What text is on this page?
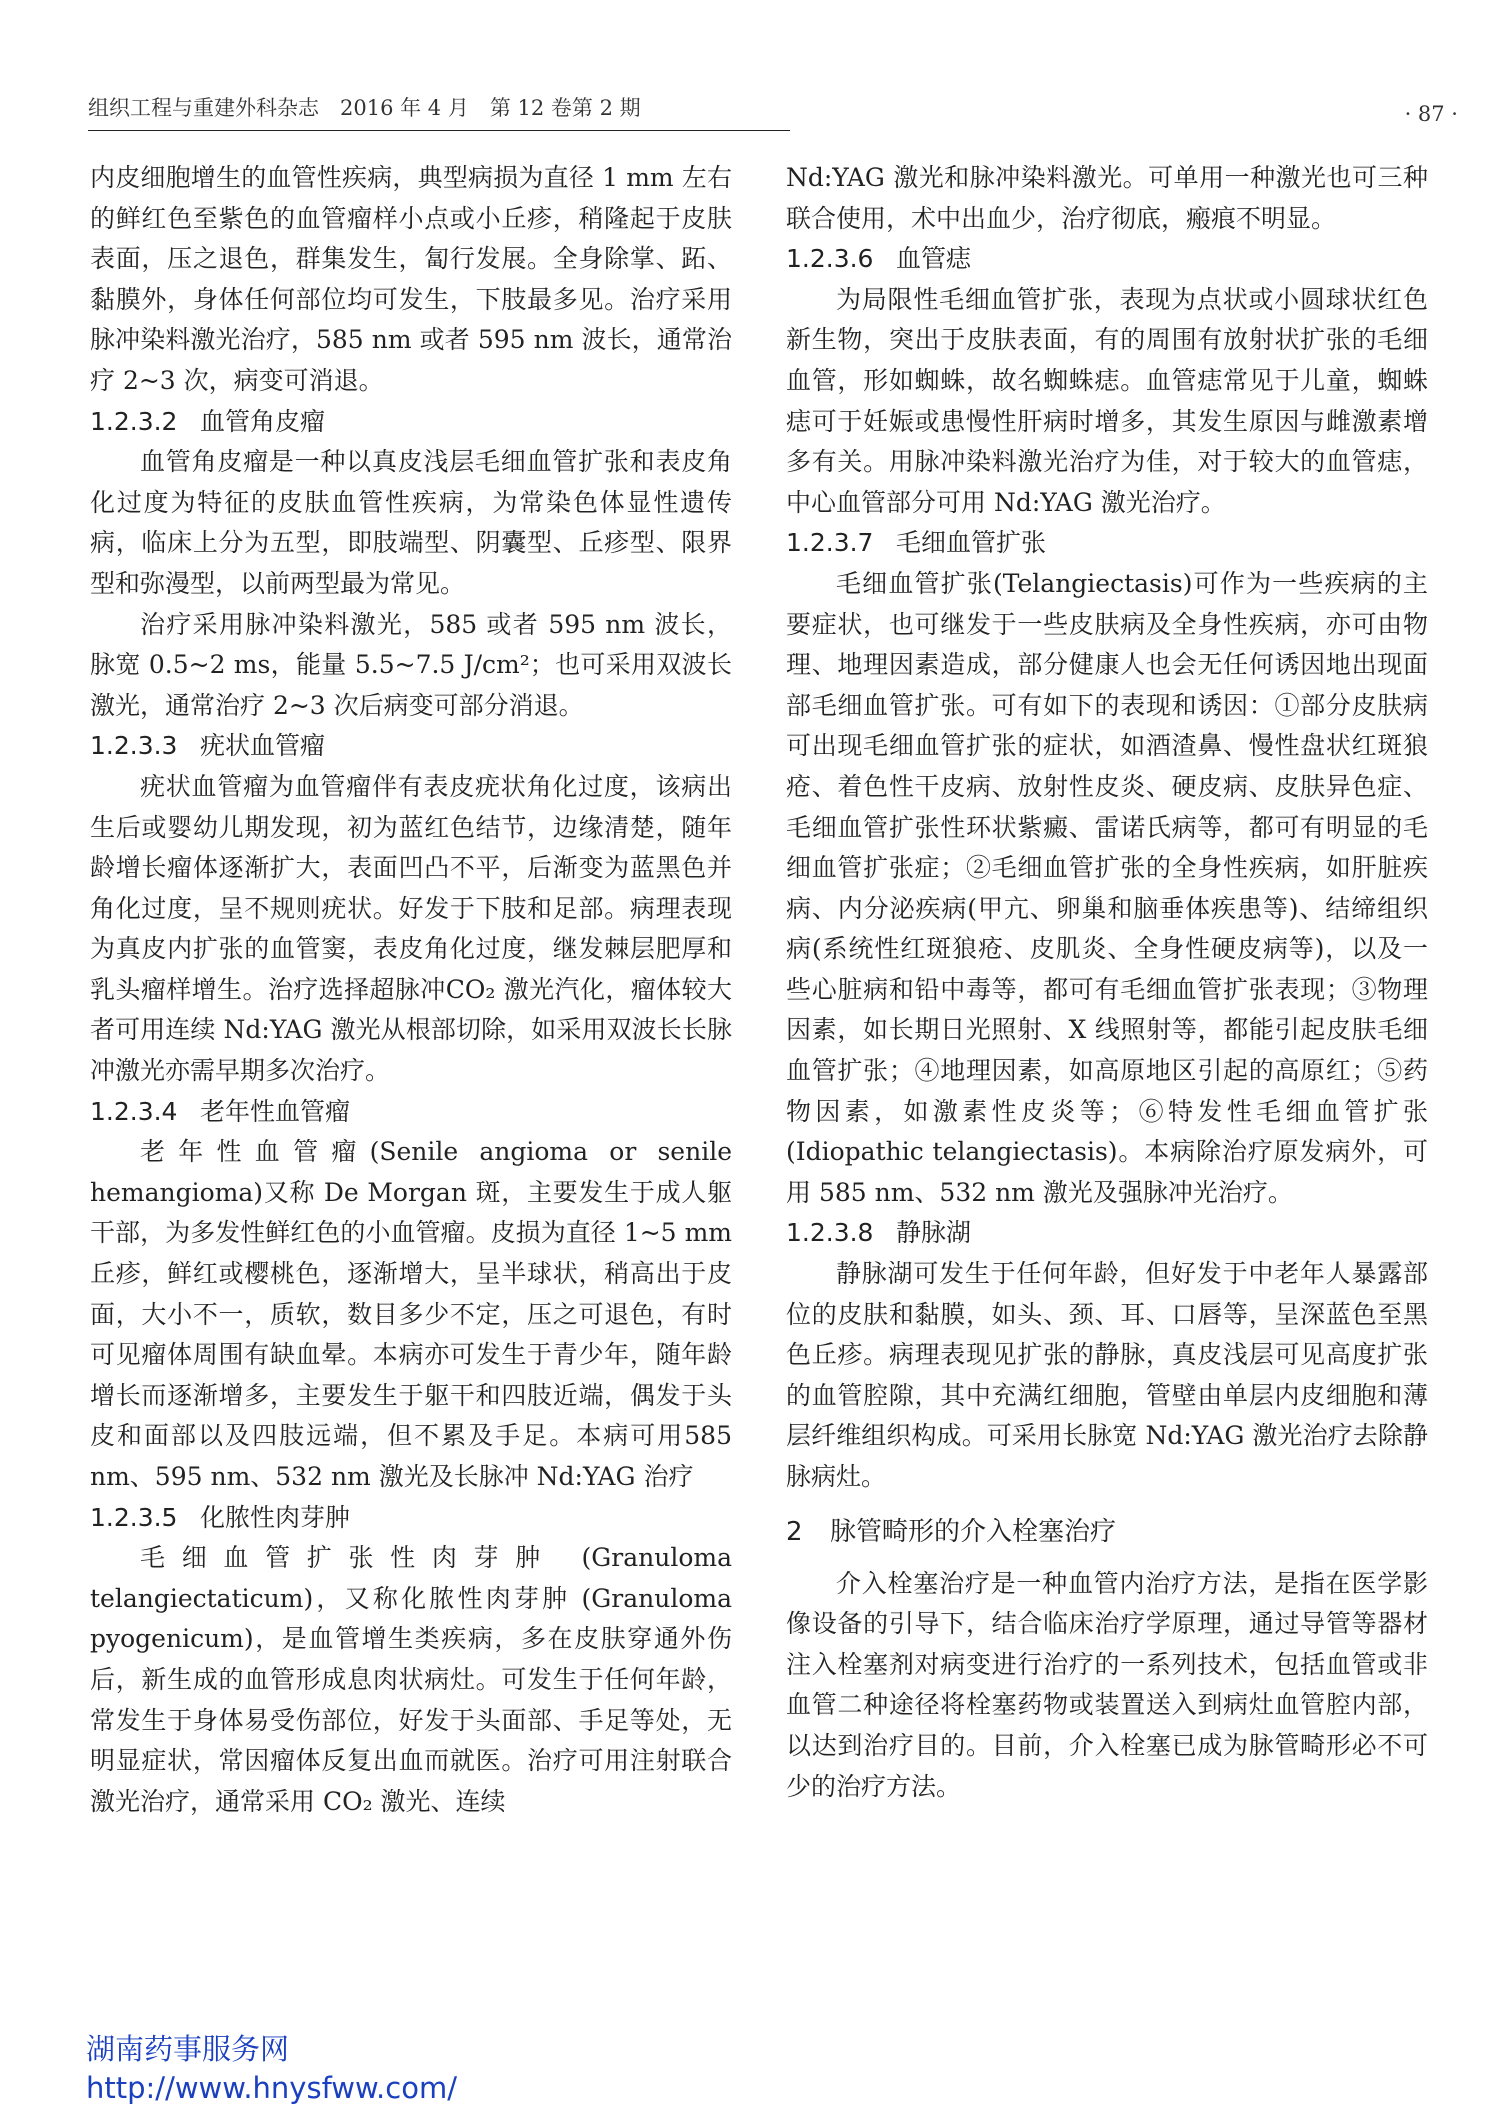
组织工程与重建外科杂志　2016 年 4 月　第 12 卷第 2 期	· 87 ·

内皮细胞增生的血管性疾病，典型病损为直径 1 mm 左右的鲜红色至紫色的血管瘤样小点或小丘疹，稍隆起于皮肤表面，压之退色，群集发生，匐行发展。全身除掌、跖、黏膜外，身体任何部位均可发生，下肢最多见。治疗采用脉冲染料激光治疗，585 nm 或者 595 nm 波长，通常治疗 2~3 次，病变可消退。

1.2.3.2 血管角皮瘤

血管角皮瘤是一种以真皮浅层毛细血管扩张和表皮角化过度为特征的皮肤血管性疾病，为常染色体显性遗传病，临床上分为五型，即肢端型、阴囊型、丘疹型、限界型和弥漫型，以前两型最为常见。

治疗采用脉冲染料激光，585 或者 595 nm 波长，脉宽 0.5~2 ms，能量 5.5~7.5 J/cm²；也可采用双波长激光，通常治疗 2~3 次后病变可部分消退。

1.2.3.3 疣状血管瘤

疣状血管瘤为血管瘤伴有表皮疣状角化过度，该病出生后或婴幼儿期发现，初为蓝红色结节，边缘清楚，随年龄增长瘤体逐渐扩大，表面凹凸不平，后渐变为蓝黑色并角化过度，呈不规则疣状。好发于下肢和足部。病理表现为真皮内扩张的血管窦，表皮角化过度，继发棘层肥厚和乳头瘤样增生。治疗选择超脉冲CO₂ 激光汽化，瘤体较大者可用连续 Nd:YAG 激光从根部切除，如采用双波长长脉冲激光亦需早期多次治疗。

1.2.3.4 老年性血管瘤

老年性血管瘤(Senile angioma or senile hemangioma)又称 De Morgan 斑，主要发生于成人躯干部，为多发性鲜红色的小血管瘤。皮损为直径 1~5 mm 丘疹，鲜红或樱桃色，逐渐增大，呈半球状，稍高出于皮面，大小不一，质软，数目多少不定，压之可退色，有时可见瘤体周围有缺血晕。本病亦可发生于青少年，随年龄增长而逐渐增多，主要发生于躯干和四肢近端，偶发于头皮和面部以及四肢远端，但不累及手足。本病可用585 nm、595 nm、532 nm 激光及长脉冲 Nd:YAG 治疗

1.2.3.5 化脓性肉芽肿

毛细血管扩张性肉芽肿 (Granuloma telangiectaticum)，又称化脓性肉芽肿 (Granuloma pyogenicum)，是血管增生类疾病，多在皮肤穿通外伤后，新生成的血管形成息肉状病灶。可发生于任何年龄，常发生于身体易受伤部位，好发于头面部、手足等处，无明显症状，常因瘤体反复出血而就医。治疗可用注射联合激光治疗，通常采用 CO₂ 激光、连续

Nd:YAG 激光和脉冲染料激光。可单用一种激光也可三种联合使用，术中出血少，治疗彻底，瘢痕不明显。

1.2.3.6 血管痣

为局限性毛细血管扩张，表现为点状或小圆球状红色新生物，突出于皮肤表面，有的周围有放射状扩张的毛细血管，形如蜘蛛，故名蜘蛛痣。血管痣常见于儿童，蜘蛛痣可于妊娠或患慢性肝病时增多，其发生原因与雌激素增多有关。用脉冲染料激光治疗为佳，对于较大的血管痣，中心血管部分可用 Nd:YAG 激光治疗。

1.2.3.7 毛细血管扩张

毛细血管扩张(Telangiectasis)可作为一些疾病的主要症状，也可继发于一些皮肤病及全身性疾病，亦可由物理、地理因素造成，部分健康人也会无任何诱因地出现面部毛细血管扩张。可有如下的表现和诱因：①部分皮肤病可出现毛细血管扩张的症状，如酒渣鼻、慢性盘状红斑狼疮、着色性干皮病、放射性皮炎、硬皮病、皮肤异色症、毛细血管扩张性环状紫癜、雷诺氏病等，都可有明显的毛细血管扩张症；②毛细血管扩张的全身性疾病，如肝脏疾病、内分泌疾病(甲亢、卵巢和脑垂体疾患等)、结缔组织病(系统性红斑狼疮、皮肌炎、全身性硬皮病等)，以及一些心脏病和铅中毒等，都可有毛细血管扩张表现；③物理因素，如长期日光照射、X 线照射等，都能引起皮肤毛细血管扩张；④地理因素，如高原地区引起的高原红；⑤药物因素，如激素性皮炎等；⑥特发性毛细血管扩张(Idiopathic telangiectasis)。本病除治疗原发病外，可用 585 nm、532 nm 激光及强脉冲光治疗。

1.2.3.8 静脉湖

静脉湖可发生于任何年龄，但好发于中老年人暴露部位的皮肤和黏膜，如头、颈、耳、口唇等，呈深蓝色至黑色丘疹。病理表现见扩张的静脉，真皮浅层可见高度扩张的血管腔隙，其中充满红细胞，管壁由单层内皮细胞和薄层纤维组织构成。可采用长脉宽 Nd:YAG 激光治疗去除静脉病灶。

2 脉管畸形的介入栓塞治疗

介入栓塞治疗是一种血管内治疗方法，是指在医学影像设备的引导下，结合临床治疗学原理，通过导管等器材注入栓塞剂对病变进行治疗的一系列技术，包括血管或非血管二种途径将栓塞药物或装置送入到病灶血管腔内部，以达到治疗目的。目前，介入栓塞已成为脉管畸形必不可少的治疗方法。

湖南药事服务网
http://www.hnysfww.com/
